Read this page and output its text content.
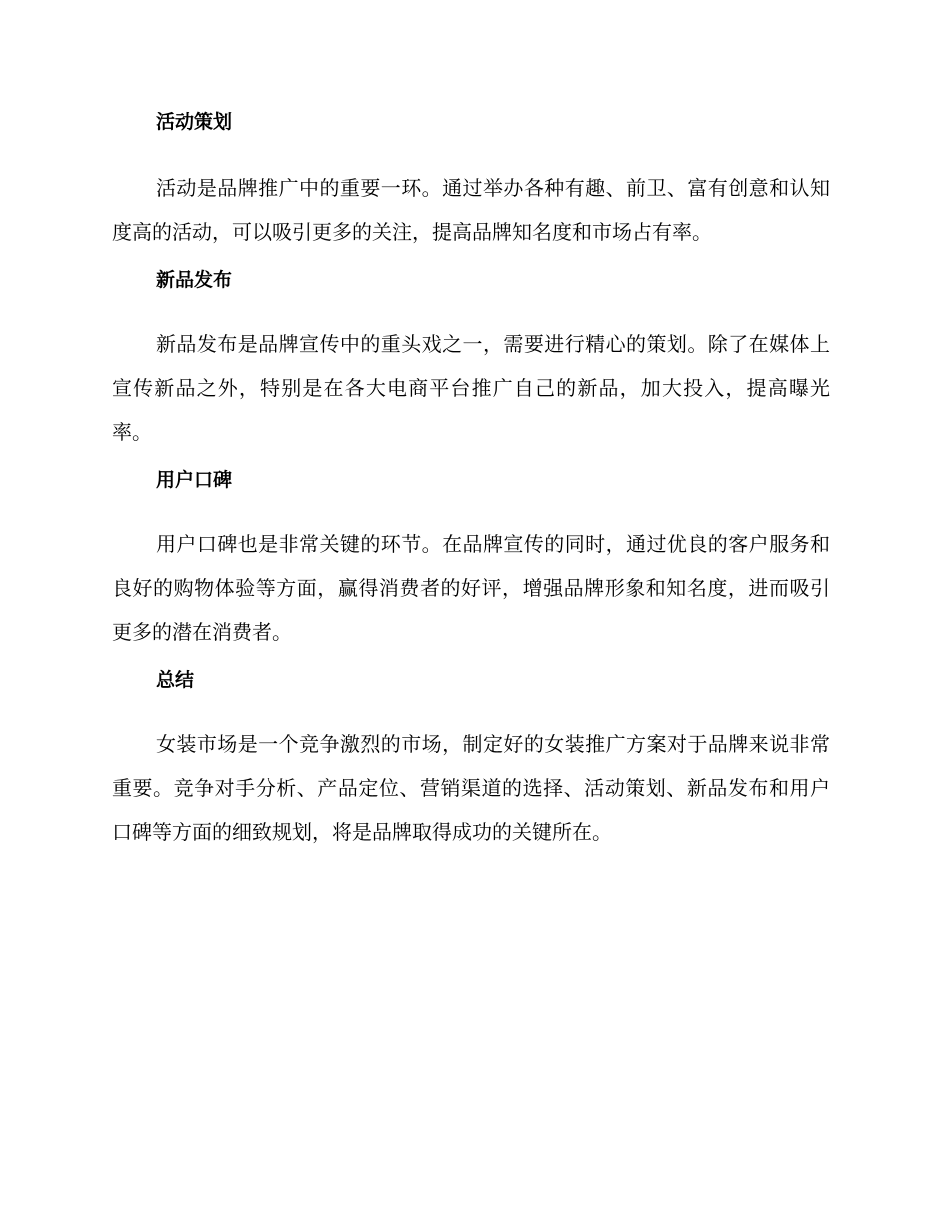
活动策划

活动是品牌推广中的重要一环。通过举办各种有趣、前卫、富有创意和认知度高的活动，可以吸引更多的关注，提高品牌知名度和市场占有率。

新品发布

新品发布是品牌宣传中的重头戏之一，需要进行精心的策划。除了在媒体上宣传新品之外，特别是在各大电商平台推广自己的新品，加大投入，提高曝光率。

用户口碑

用户口碑也是非常关键的环节。在品牌宣传的同时，通过优良的客户服务和良好的购物体验等方面，赢得消费者的好评，增强品牌形象和知名度，进而吸引更多的潜在消费者。

总结

女装市场是一个竞争激烈的市场，制定好的女装推广方案对于品牌来说非常重要。竞争对手分析、产品定位、营销渠道的选择、活动策划、新品发布和用户口碑等方面的细致规划，将是品牌取得成功的关键所在。
